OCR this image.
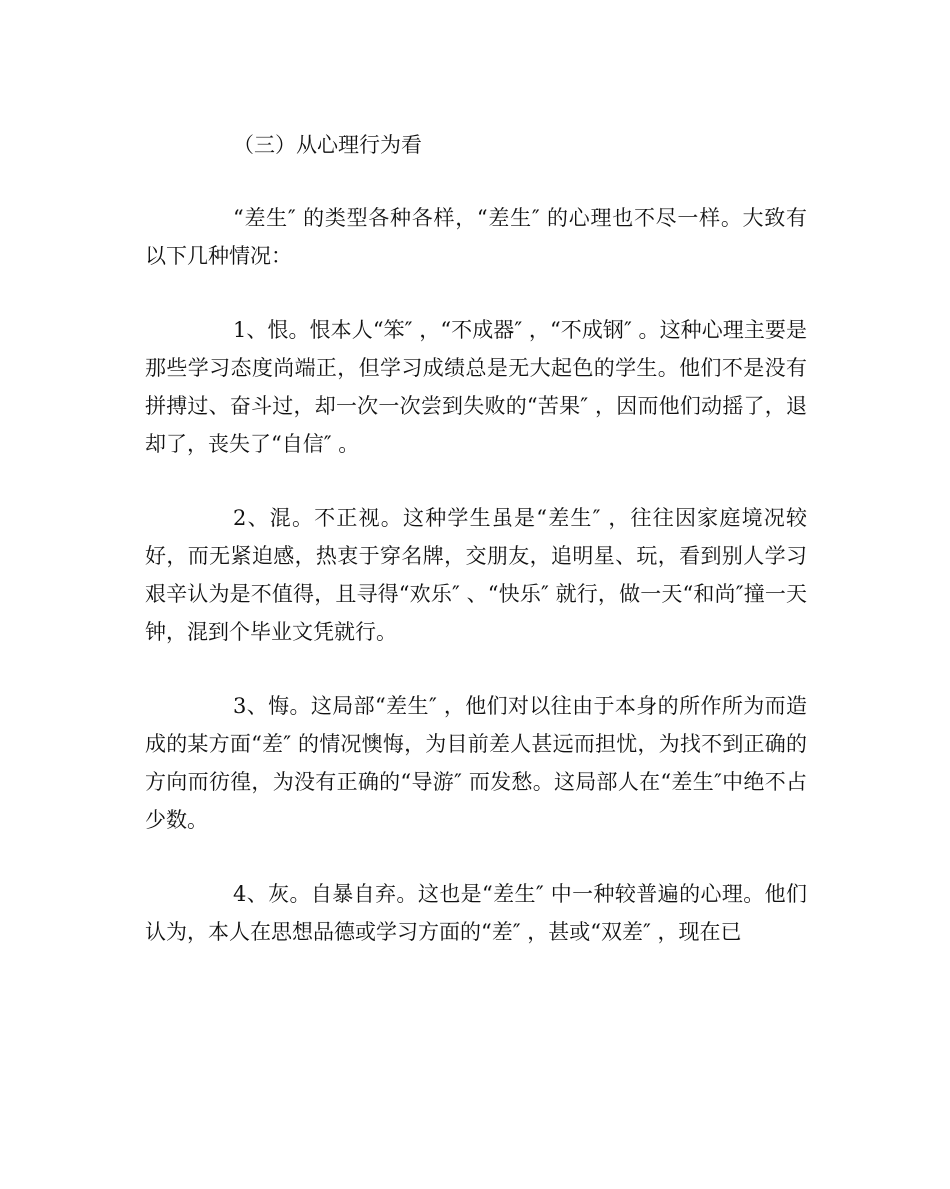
（三）从心理行为看

“差生″ 的类型各种各样，“差生″ 的心理也不尽一样。大致有以下几种情况：

1、恨。恨本人“笨″ ，“不成器″ ，“不成钢″ 。这种心理主要是那些学习态度尚端正，但学习成绩总是无大起色的学生。他们不是没有拼搏过、奋斗过，却一次一次尝到失败的“苦果″ ，因而他们动摇了，退却了，丧失了“自信″ 。

2、混。不正视。这种学生虽是“差生″ ，往往因家庭境况较好，而无紧迫感，热衷于穿名牌，交朋友，追明星、玩，看到别人学习艰辛认为是不值得，且寻得“欢乐″ 、“快乐″ 就行，做一天“和尚″撞一天钟，混到个毕业文凭就行。

3、悔。这局部“差生″ ，他们对以往由于本身的所作所为而造成的某方面“差″ 的情况懊悔，为目前差人甚远而担忧，为找不到正确的方向而彷徨，为没有正确的“导游″ 而发愁。这局部人在“差生″中绝不占少数。

4、灰。自暴自弃。这也是“差生″ 中一种较普遍的心理。他们认为，本人在思想品德或学习方面的“差″ ，甚或“双差″ ，现在已
